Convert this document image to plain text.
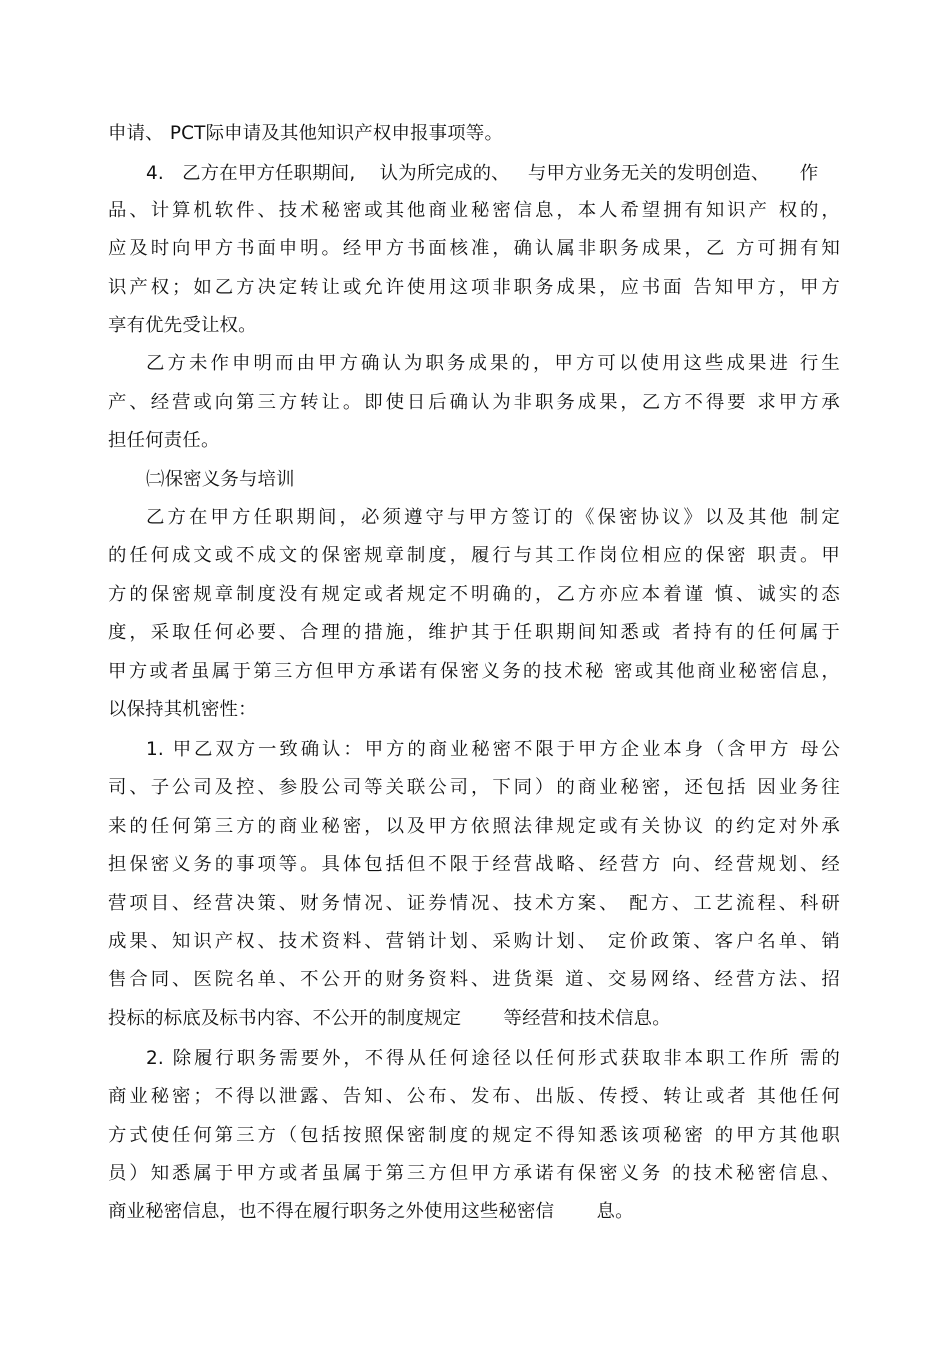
申请、 PCT际申请及其他知识产权申报事项等。
4.   乙方在甲方任职期间,    认为所完成的、   与甲方业务无关的发明创造、     作
品、计算机软件、技术秘密或其他商业秘密信息，本人希望拥有知识产 权的，
应及时向甲方书面申明。经甲方书面核准，确认属非职务成果，乙 方可拥有知
识产权；如乙方决定转让或允许使用这项非职务成果，应书面 告知甲方，甲方
享有优先受让权。
乙方未作申明而由甲方确认为职务成果的，甲方可以使用这些成果进 行生
产、经营或向第三方转让。即使日后确认为非职务成果，乙方不得要 求甲方承
担任何责任。
㈡保密义务与培训
乙方在甲方任职期间，必须遵守与甲方签订的《保密协议》以及其他 制定
的任何成文或不成文的保密规章制度，履行与其工作岗位相应的保密 职责。甲
方的保密规章制度没有规定或者规定不明确的，乙方亦应本着谨 慎、诚实的态
度，采取任何必要、合理的措施，维护其于任职期间知悉或 者持有的任何属于
甲方或者虽属于第三方但甲方承诺有保密义务的技术秘 密或其他商业秘密信息，
以保持其机密性：
1. 甲乙双方一致确认：甲方的商业秘密不限于甲方企业本身（含甲方 母公
司、子公司及控、参股公司等关联公司，下同）的商业秘密，还包括 因业务往
来的任何第三方的商业秘密，以及甲方依照法律规定或有关协议 的约定对外承
担保密义务的事项等。具体包括但不限于经营战略、经营方 向、经营规划、经
营项目、经营决策、财务情况、证券情况、技术方案、 配方、工艺流程、科研
成果、知识产权、技术资料、营销计划、采购计划、 定价政策、客户名单、销
售合同、医院名单、不公开的财务资料、进货渠 道、交易网络、经营方法、招
投标的标底及标书内容、不公开的制度规定       等经营和技术信息。
2. 除履行职务需要外，不得从任何途径以任何形式获取非本职工作所 需的
商业秘密；不得以泄露、告知、公布、发布、出版、传授、转让或者 其他任何
方式使任何第三方（包括按照保密制度的规定不得知悉该项秘密 的甲方其他职
员）知悉属于甲方或者虽属于第三方但甲方承诺有保密义务 的技术秘密信息、
商业秘密信息，也不得在履行职务之外使用这些秘密信       息。
